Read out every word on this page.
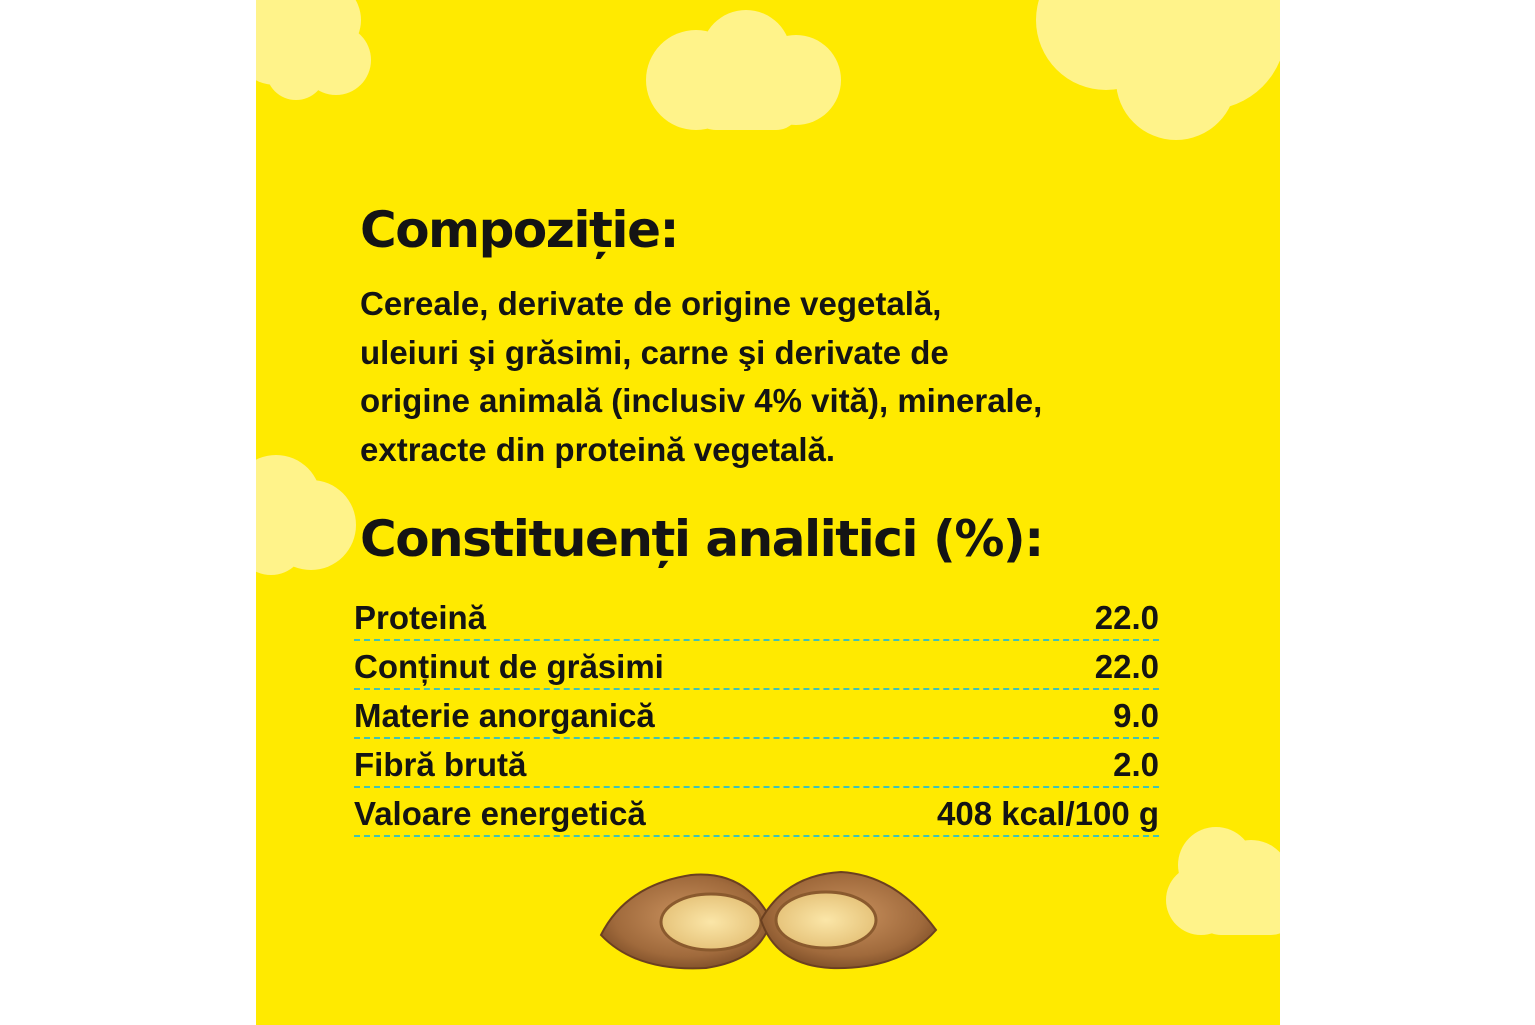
Compoziție:

Cereale, derivate de origine vegetală,
uleiuri şi grăsimi, carne şi derivate de
origine animală (inclusiv 4% vită), minerale,
extracte din proteină vegetală.

Constituenți analitici (%):
Proteină	22.0
Conținut de grăsimi	22.0
Materie anorganică	9.0
Fibră brută	2.0
Valoare energetică	408 kcal/100 g
